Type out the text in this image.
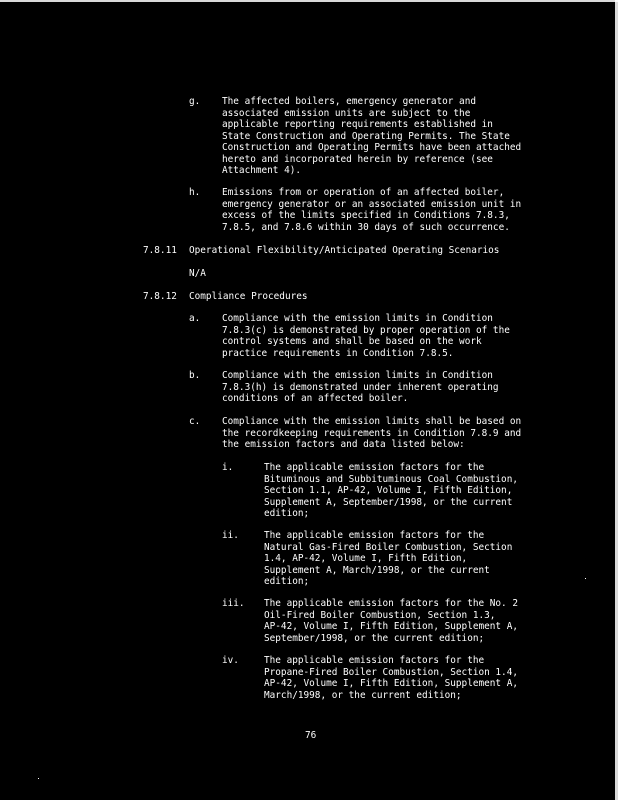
g. The affected boilers, emergency generator and
associated emission units are subject to the
applicable reporting requirements established in
State Construction and Operating Permits. The State
Construction and Operating Permits have been attached
hereto and incorporated herein by reference (see
Attachment 4).
h. Emissions from or operation of an affected boiler,
emergency generator or an associated emission unit in
excess of the limits specified in Conditions 7.8.3,
7.8.5, and 7.8.6 within 30 days of such occurrence.
7.8.11 Operational Flexibility/Anticipated Operating Scenarios
N/A
7.8.12 Compliance Procedures
a. Compliance with the emission limits in Condition
7.8.3(c) is demonstrated by proper operation of the
control systems and shall be based on the work
practice requirements in Condition 7.8.5.
b. Compliance with the emission limits in Condition
7.8.3(h) is demonstrated under inherent operating
conditions of an affected boiler.
c. Compliance with the emission limits shall be based on
the recordkeeping requirements in Condition 7.8.9 and
the emission factors and data listed below:
i.	The applicable emission factors for the
Bituminous and Subbituminous Coal Combustion,
Section 1.1, AP-42, Volume I, Fifth Edition,
Supplement A, September/1998, or the current
edition;
ii.	The applicable emission factors for the
Natural Gas-Fired Boiler Combustion, Section
1.4, AP-42, Volume I, Fifth Edition,
Supplement A, March/1998, or the current
edition;
iii. The applicable emission factors for the No. 2
Oil-Fired Boiler Combustion, Section 1.3,
AP-42, Volume I, Fifth Edition, Supplement A,
September/1998, or the current edition;
iv.	The applicable emission factors for the
Propane-Fired Boiler Combustion, Section 1.4,
AP-42, Volume I, Fifth Edition, Supplement A,
March/1998, or the current edition;
76
